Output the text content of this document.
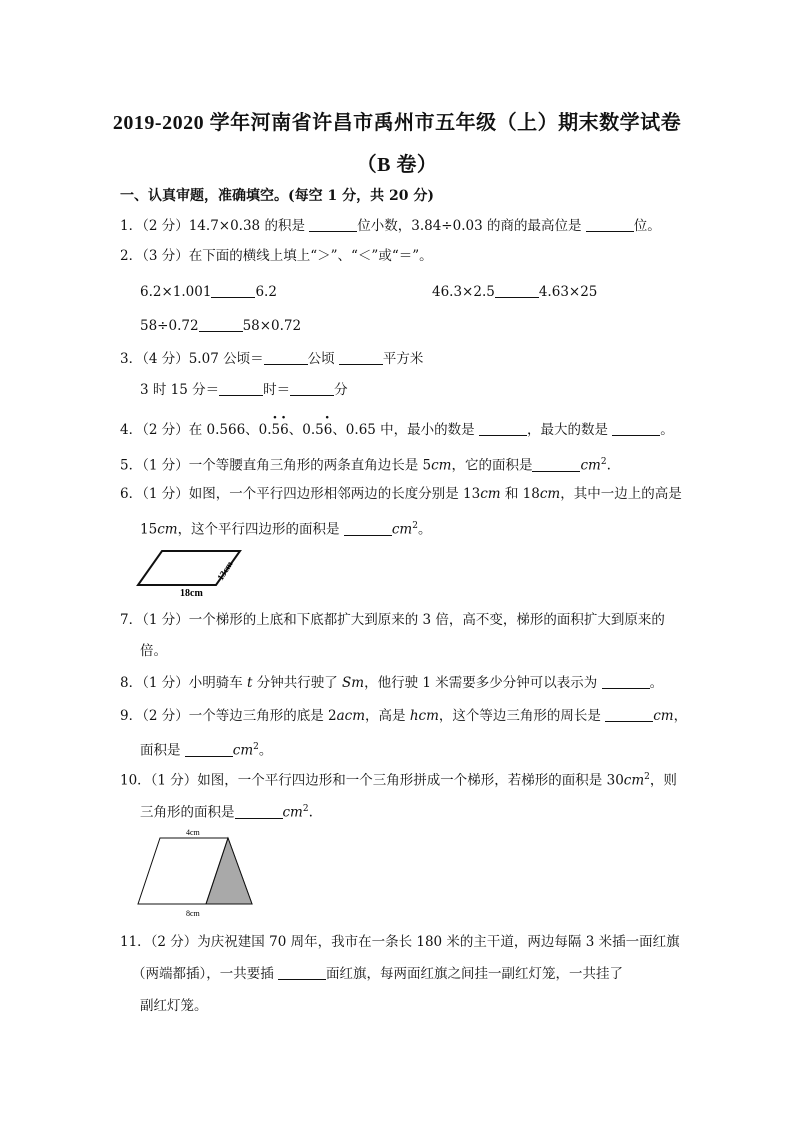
2019-2020 学年河南省许昌市禹州市五年级（上）期末数学试卷
（B 卷）
一、认真审题，准确填空。(每空 1 分，共 20 分)
1．（2 分）14.7×0.38 的积是	位小数，3.84÷0.03 的商的最高位是	位。
2．（3 分）在下面的横线上填上“＞”、“＜”或“＝”。
6.2×1.001	6.2	46.3×2.5	4.63×25
58÷0.72	58×0.72
3．（4 分）5.07 公顷＝	公顷	平方米
3 时 15 分＝	时＝	分
4．（2 分）在 0.566、0.· 5· 6、0.5· 6、0.65 中，最小的数是	，最大的数是	。
5．（1 分）一个等腰直角三角形的两条直角边长是 5cm，它的面积是	$cm^2$.
6．（1 分）如图，一个平行四边形相邻两边的长度分别是 13cm 和 18cm，其中一边上的高是
15cm，这个平行四边形的面积是	$cm^2$。
18cm
13cm
7．（1 分）一个梯形的上底和下底都扩大到原来的 3 倍，高不变，梯形的面积扩大到原来的
倍。
8．（1 分）小明骑车 t 分钟共行驶了 Sm，他行驶 1 米需要多少分钟可以表示为	。
9．（2 分）一个等边三角形的底是 2acm，高是 hcm，这个等边三角形的周长是	cm，
面积是	$cm^2$。
10．（1 分）如图，一个平行四边形和一个三角形拼成一个梯形，若梯形的面积是 $30cm^2$，则
三角形的面积是	$cm^2$.
4cm
8cm
11．（2 分）为庆祝建国 70 周年，我市在一条长 180 米的主干道，两边每隔 3 米插一面红旗
（两端都插），一共要插	面红旗，每两面红旗之间挂一副红灯笼，一共挂了
副红灯笼。
